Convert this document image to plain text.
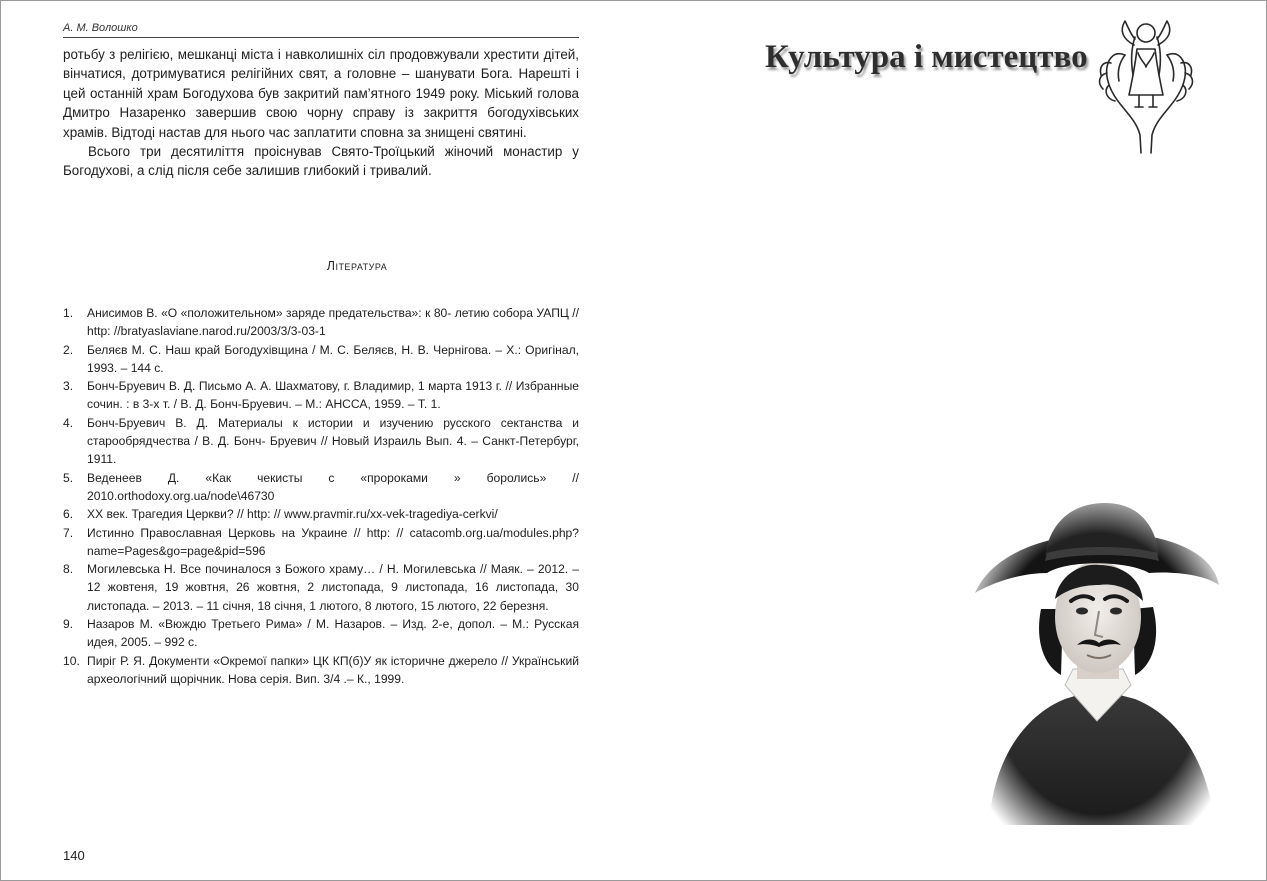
А. М. Волошко

ротьбу з релігією, мешканці міста і навколишніх сіл продовжували хрестити дітей, вінчатися, дотримуватися релігійних свят, а головне – шанувати Бога. Нарешті і цей останній храм Богодухова був закритий пам’ятного 1949 року. Міський голова Дмитро Назаренко завершив свою чорну справу із закриття богодухівських храмів. Відтоді настав для нього час заплатити сповна за знищені святині.

Всього три десятиліття проіснував Свято-Троїцький жіночий монастир у Богодухові, а слід після себе залишив глибокий і тривалий.

Література
1. Анисимов В. «О «положительном» заряде предательства»: к 80- летию собора УАПЦ // http: //bratyaslaviane.narod.ru/2003/3/3-03-1
2. Беляєв М. С. Наш край Богодухівщина / М. С. Беляєв, Н. В. Чернігова. – Х.: Оригінал, 1993. – 144 с.
3. Бонч-Бруевич В. Д. Письмо А. А. Шахматову, г. Владимир, 1 марта 1913 г. // Избранные сочин. : в 3-х т. / В. Д. Бонч-Бруевич. – М.: АНССА, 1959. – Т. 1.
4. Бонч-Бруевич В. Д. Материалы к истории и изучению русского сектанства и старообрядчества / В. Д. Бонч- Бруевич // Новый Израиль Вып. 4. – Санкт-Петербург, 1911.
5. Веденеев Д. «Как чекисты с «пророками » боролись» // 2010.orthodoxy.org.ua/node\46730
6. XX век. Трагедия Церкви? // http: // www.pravmir.ru/xx-vek-tragediya-cerkvi/
7. Истинно Православная Церковь на Украине // http: // catacomb.org.ua/modules.php?name=Pages&go=page&pid=596
8. Могилевська Н. Все починалося з Божого храму… / Н. Могилевська // Маяк. – 2012. – 12 жовтеня, 19 жовтня, 26 жовтня, 2 листопада, 9 листопада, 16 листопада, 30 листопада. – 2013. – 11 січня, 18 січня, 1 лютого, 8 лютого, 15 лютого, 22 березня.
9. Назаров М. «Вюждю Третьего Рима» / М. Назаров. – Изд. 2-е, допол. – М.: Русская идея, 2005. – 992 с.
10. Пиріг Р. Я. Документи «Окремої папки» ЦК КП(б)У як історичне джерело // Український археологічний щорічник. Нова серія. Вип. 3/4 .– К., 1999.
140
Культура і мистецтво
